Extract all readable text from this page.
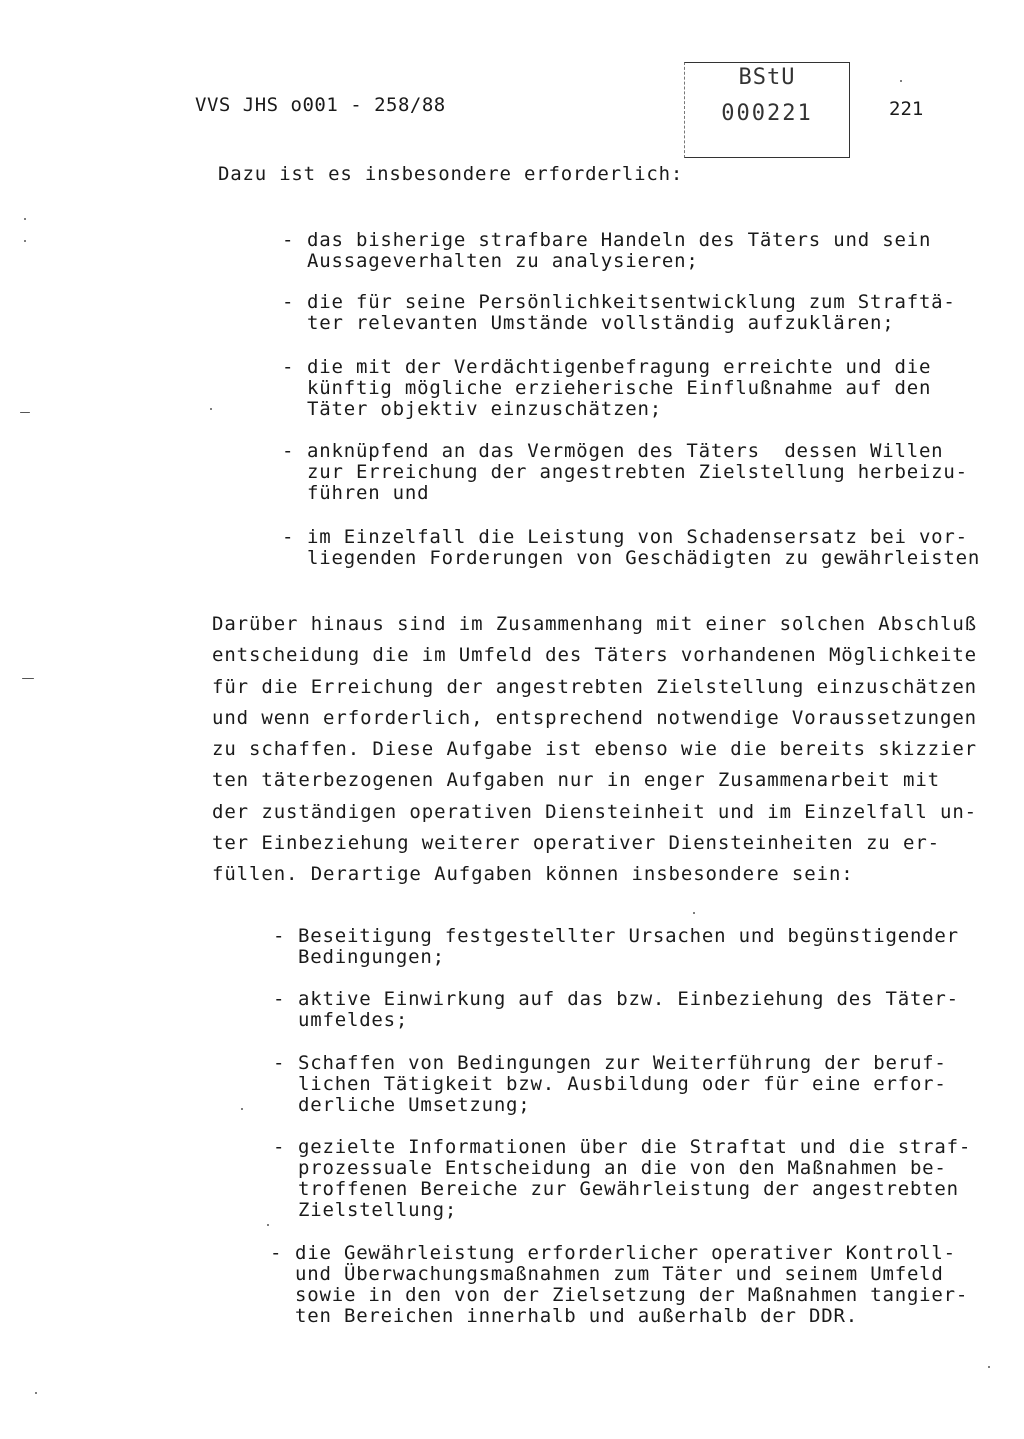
VVS JHS o001 - 258/88
BStU
000221	221
Dazu ist es insbesondere erforderlich:
- das bisherige strafbare Handeln des Täters und sein
Aussageverhalten zu analysieren;
- die für seine Persönlichkeitsentwicklung zum Straftä-
ter relevanten Umstände vollständig aufzuklären;
- die mit der Verdächtigenbefragung erreichte und die
künftig mögliche erzieherische Einflußnahme auf den
Täter objektiv einzuschätzen;
- anknüpfend an das Vermögen des Täters  dessen Willen
zur Erreichung der angestrebten Zielstellung herbeizu-
führen und
- im Einzelfall die Leistung von Schadensersatz bei vor-
liegenden Forderungen von Geschädigten zu gewährleisten
Darüber hinaus sind im Zusammenhang mit einer solchen Abschluß
entscheidung die im Umfeld des Täters vorhandenen Möglichkeite
für die Erreichung der angestrebten Zielstellung einzuschätzen
und wenn erforderlich, entsprechend notwendige Voraussetzungen
zu schaffen. Diese Aufgabe ist ebenso wie die bereits skizzier
ten täterbezogenen Aufgaben nur in enger Zusammenarbeit mit
der zuständigen operativen Diensteinheit und im Einzelfall un-
ter Einbeziehung weiterer operativer Diensteinheiten zu er-
füllen. Derartige Aufgaben können insbesondere sein:
- Beseitigung festgestellter Ursachen und begünstigender
Bedingungen;
- aktive Einwirkung auf das bzw. Einbeziehung des Täter-
umfeldes;
- Schaffen von Bedingungen zur Weiterführung der beruf-
lichen Tätigkeit bzw. Ausbildung oder für eine erfor-
derliche Umsetzung;
- gezielte Informationen über die Straftat und die straf-
prozessuale Entscheidung an die von den Maßnahmen be-
troffenen Bereiche zur Gewährleistung der angestrebten
Zielstellung;
- die Gewährleistung erforderlicher operativer Kontroll-
und Überwachungsmaßnahmen zum Täter und seinem Umfeld
sowie in den von der Zielsetzung der Maßnahmen tangier-
ten Bereichen innerhalb und außerhalb der DDR.
